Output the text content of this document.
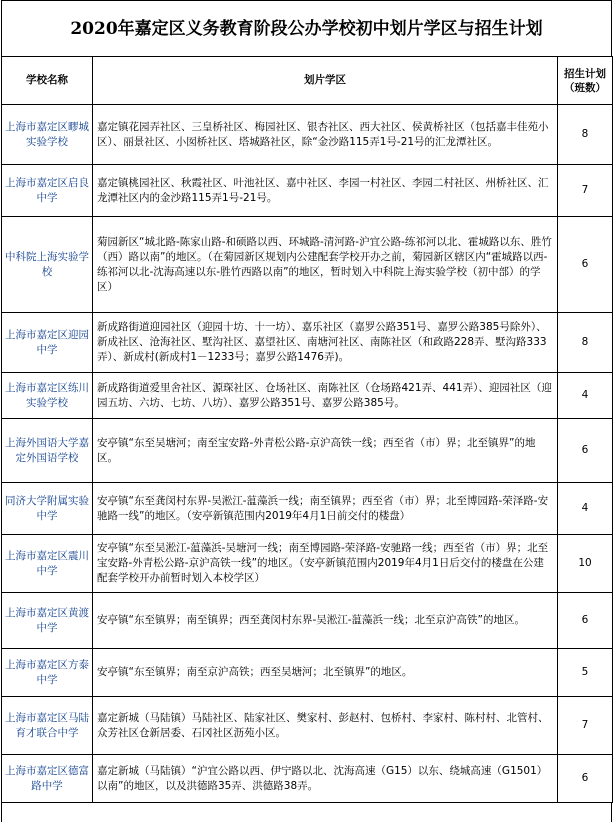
2020年嘉定区义务教育阶段公办学校初中划片学区与招生计划
学校名称	划片学区	招生计划（班数）
上海市嘉定区疁城实验学校	嘉定镇花园弄社区、三皇桥社区、梅园社区、银杏社区、西大社区、侯黄桥社区（包括嘉丰佳苑小区）、丽景社区、小囡桥社区、塔城路社区，除“金沙路115弄1号-21号的汇龙潭社区。	8
上海市嘉定区启良中学	嘉定镇桃园社区、秋霞社区、叶池社区、嘉中社区、李园一村社区、李园二村社区、州桥社区、汇龙潭社区内的金沙路115弄1号-21号。	7
中科院上海实验学校	菊园新区“城北路-陈家山路-和硕路以西、环城路-清河路-沪宜公路-练祁河以北、霍城路以东、胜竹（西）路以南”的地区。（在菊园新区规划内公建配套学校开办之前，菊园新区辖区内“霍城路以西-练祁河以北-沈海高速以东-胜竹西路以南”的地区，暂时划入中科院上海实验学校（初中部）的学区）	6
上海市嘉定区迎园中学	新成路街道迎园社区（迎园十坊、十一坊）、嘉乐社区（嘉罗公路351号、嘉罗公路385号除外）、新成社区、沧海社区、墅沟社区、嘉望社区、南塘河社区、南陈社区（和政路228弄、墅沟路333弄）、新成村(新成村1－1233号；嘉罗公路1476弄)。	8
上海市嘉定区练川实验学校	新成路街道爱里舍社区、源琛社区、仓场社区、南陈社区（仓场路421弄、441弄）、迎园社区（迎园五坊、六坊、七坊、八坊）、嘉罗公路351号、嘉罗公路385号。	4
上海外国语大学嘉定外国语学校	安亭镇“东至吴塘河；南至宝安路-外青松公路-京沪高铁一线；西至省（市）界；北至镇界”的地区。	6
同济大学附属实验中学	安亭镇“东至龚闵村东界-吴淞江-蕰藻浜一线；南至镇界；西至省（市）界；北至博园路-荣泽路-安驰路一线”的地区。（安亭新镇范围内2019年4月1日前交付的楼盘）	4
上海市嘉定区震川中学	安亭镇“东至吴淞江-蕰藻浜-吴塘河一线；南至博园路-荣泽路-安驰路一线；西至省（市）界；北至宝安路-外青松公路-京沪高铁一线”的地区。（安亭新镇范围内2019年4月1日后交付的楼盘在公建配套学校开办前暂时划入本校学区）	10
上海市嘉定区黄渡中学	安亭镇“东至镇界；南至镇界；西至龚闵村东界-吴淞江-蕰藻浜一线；北至京沪高铁”的地区。	6
上海市嘉定区方泰中学	安亭镇“东至镇界；南至京沪高铁；西至吴塘河；北至镇界”的地区。	5
上海市嘉定区马陆育才联合中学	嘉定新城（马陆镇）马陆社区、陆家社区、樊家村、彭赵村、包桥村、李家村、陈村村、北管村、众芳社区仓新居委、石冈社区沥苑小区。	7
上海市嘉定区德富路中学	嘉定新城（马陆镇）“沪宜公路以西、伊宁路以北、沈海高速（G15）以东、绕城高速（G1501）以南”的地区，以及洪德路35弄、洪德路38弄。	6
